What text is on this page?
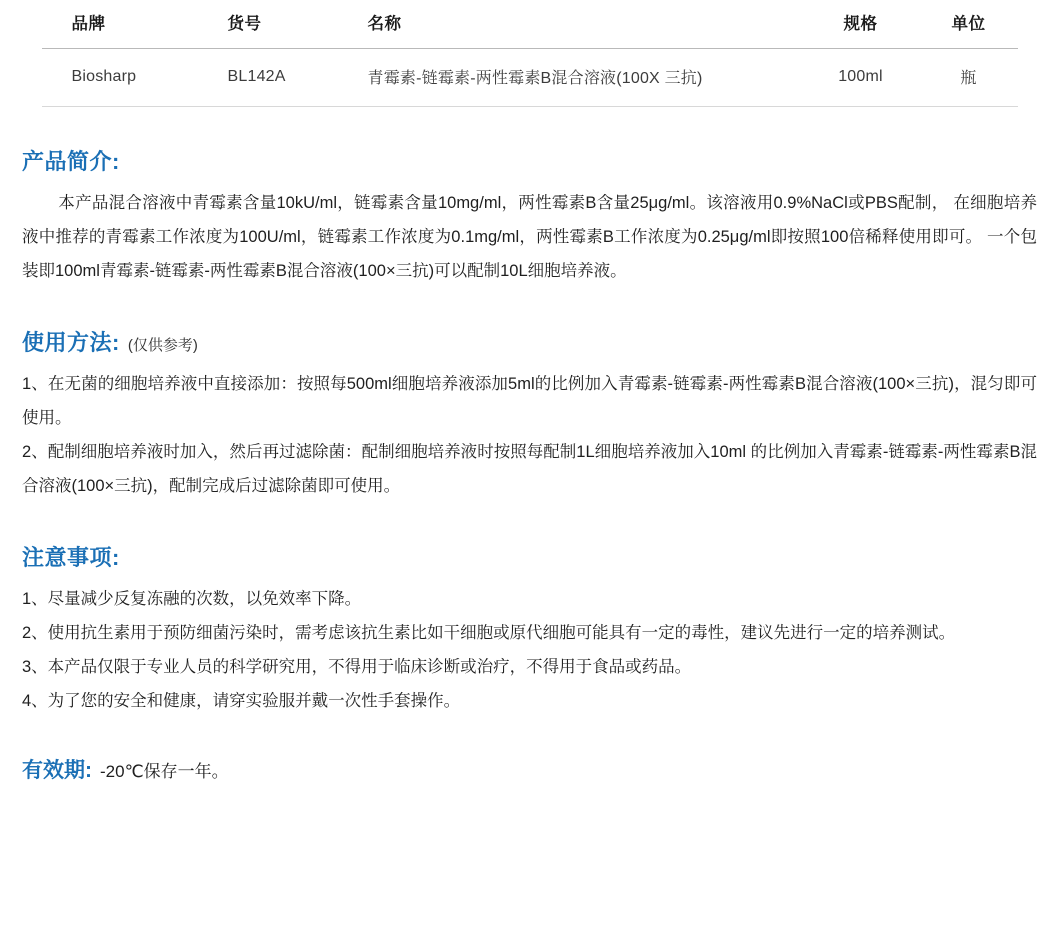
品牌	货号	名称	规格	单位
Biosharp	BL142A	青霉素-链霉素-两性霉素B混合溶液(100X 三抗)	100ml	瓶
产品简介:

本产品混合溶液中青霉素含量10kU/ml，链霉素含量10mg/ml，两性霉素B含量25μg/ml。该溶液用0.9%NaCl或PBS配制， 在细胞培养液中推荐的青霉素工作浓度为100U/ml，链霉素工作浓度为0.1mg/ml，两性霉素B工作浓度为0.25μg/ml即按照100倍稀释使用即可。 一个包装即100ml青霉素-链霉素-两性霉素B混合溶液(100×三抗)可以配制10L细胞培养液。

使用方法: (仅供参考)

1、在无菌的细胞培养液中直接添加：按照每500ml细胞培养液添加5ml的比例加入青霉素-链霉素-两性霉素B混合溶液(100×三抗)，混匀即可使用。

2、配制细胞培养液时加入，然后再过滤除菌：配制细胞培养液时按照每配制1L细胞培养液加入10ml 的比例加入青霉素-链霉素-两性霉素B混合溶液(100×三抗)，配制完成后过滤除菌即可使用。

注意事项:

1、尽量减少反复冻融的次数，以免效率下降。

2、使用抗生素用于预防细菌污染时，需考虑该抗生素比如干细胞或原代细胞可能具有一定的毒性，建议先进行一定的培养测试。

3、本产品仅限于专业人员的科学研究用，不得用于临床诊断或治疗，不得用于食品或药品。

4、为了您的安全和健康，请穿实验服并戴一次性手套操作。

有效期: -20℃保存一年。
